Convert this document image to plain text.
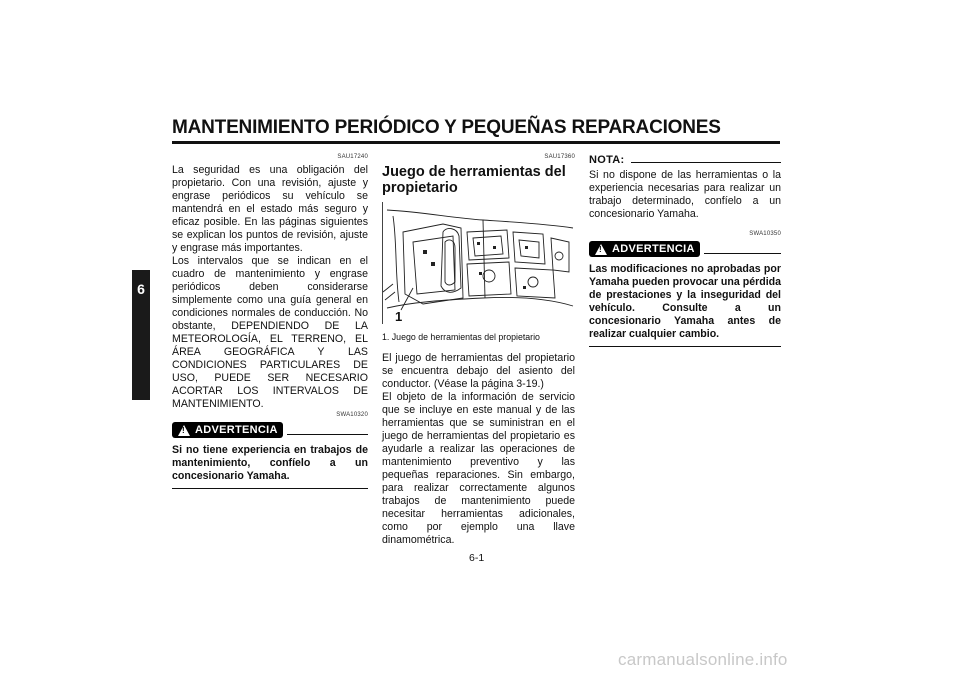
MANTENIMIENTO PERIÓDICO Y PEQUEÑAS REPARACIONES
6
SAU17240

La seguridad es una obligación del propietario. Con una revisión, ajuste y engrase periódicos su vehículo se mantendrá en el estado más seguro y eficaz posible. En las páginas siguientes se explican los puntos de revisión, ajuste y engrase más importantes.

Los intervalos que se indican en el cuadro de mantenimiento y engrase periódicos deben considerarse simplemente como una guía general en condiciones normales de conducción. No obstante, DEPENDIENDO DE LA METEOROLOGÍA, EL TERRENO, EL ÁREA GEOGRÁFICA Y LAS CONDICIONES PARTICULARES DE USO, PUEDE SER NECESARIO ACORTAR LOS INTERVALOS DE MANTENIMIENTO.

SWA10320
! ADVERTENCIA

Si no tiene experiencia en trabajos de mantenimiento, confíelo a un concesionario Yamaha.

SAU17360
Juego de herramientas del propietario
1
1. Juego de herramientas del propietario

El juego de herramientas del propietario se encuentra debajo del asiento del conductor. (Véase la página 3-19.)

El objeto de la información de servicio que se incluye en este manual y de las herramientas que se suministran en el juego de herramientas del propietario es ayudarle a realizar las operaciones de mantenimiento preventivo y las pequeñas reparaciones. Sin embargo, para realizar correctamente algunos trabajos de mantenimiento puede necesitar herramientas adicionales, como por ejemplo una llave dinamométrica.

NOTA:

Si no dispone de las herramientas o la experiencia necesarias para realizar un trabajo determinado, confíelo a un concesionario Yamaha.

SWA10350
! ADVERTENCIA

Las modificaciones no aprobadas por Yamaha pueden provocar una pérdida de prestaciones y la inseguridad del vehículo. Consulte a un concesionario Yamaha antes de realizar cualquier cambio.

6-1
carmanualsonline.info
